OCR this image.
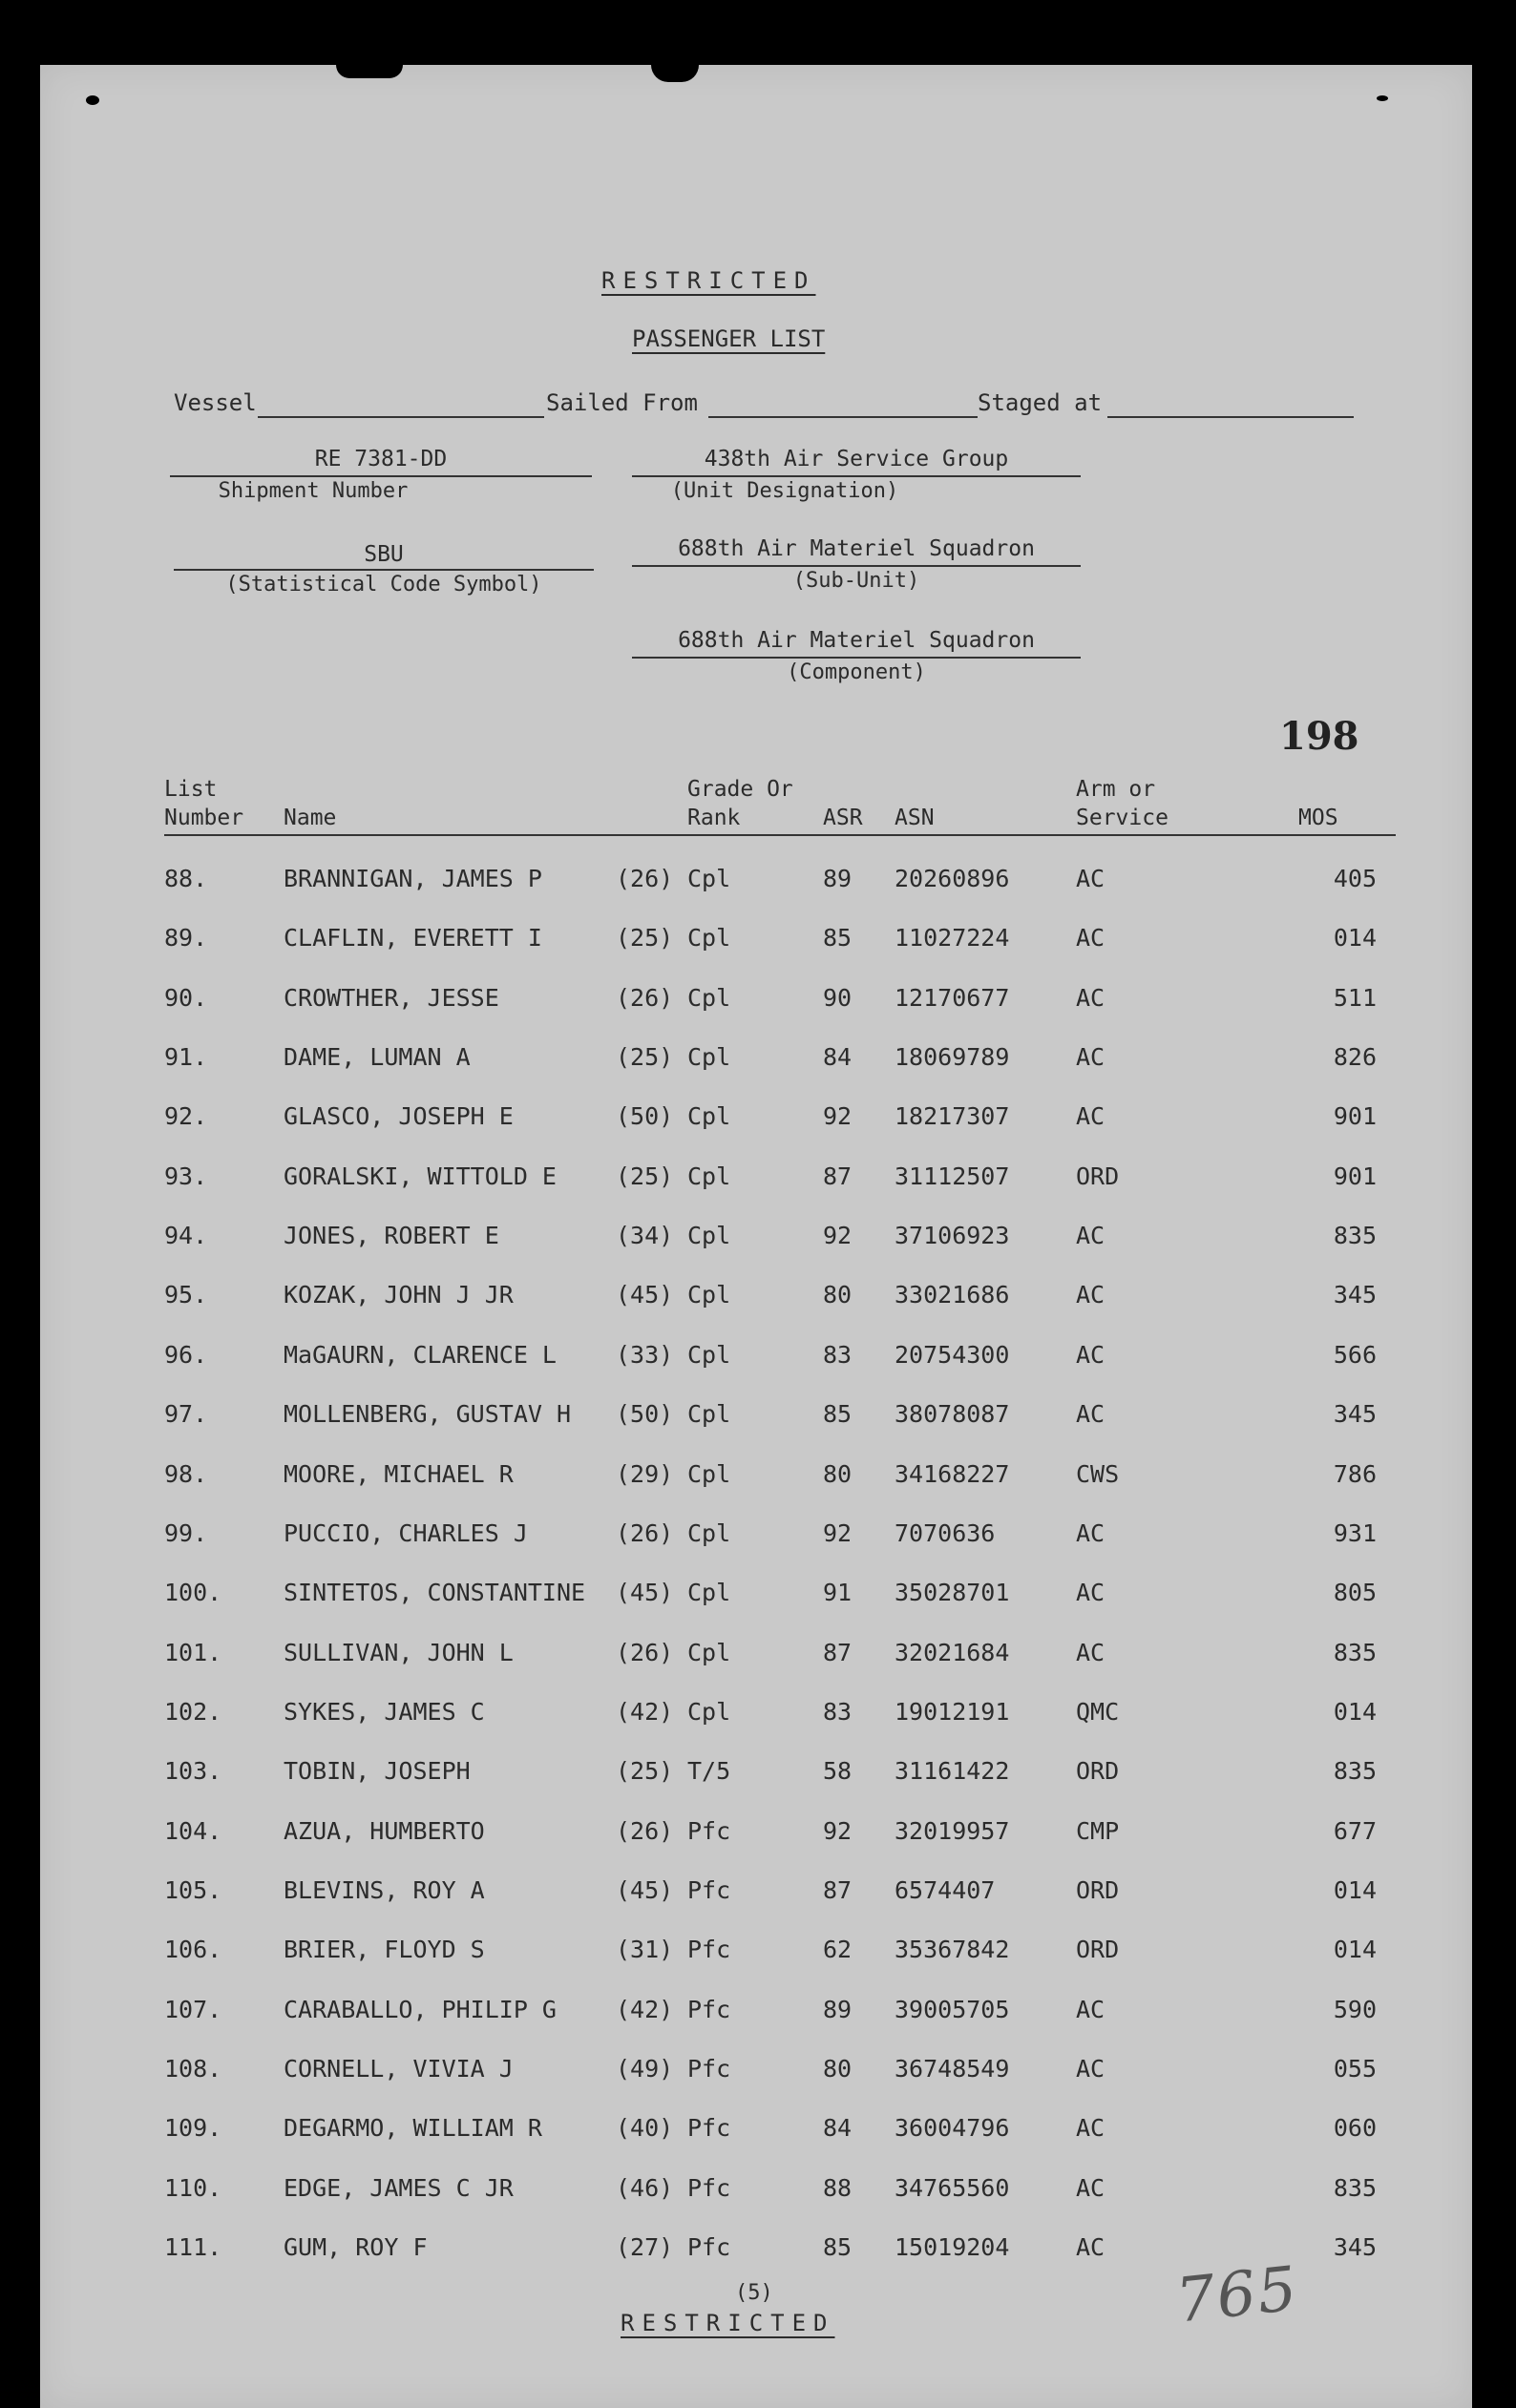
RESTRICTED
PASSENGER LIST
Vessel	Sailed From	Staged at
RE 7381-DD
Shipment Number
438th Air Service Group
(Unit Designation)
SBU
(Statistical Code Symbol)
688th Air Materiel Squadron
(Sub-Unit)
688th Air Materiel Squadron
(Component)
198
List
Number Name
Grade Or
Rank	ASR ASN
Arm or
Service	MOS
88.	BRANNIGAN, JAMES P	(26) Cpl	89 20260896	AC	405
89.	CLAFLIN, EVERETT I	(25) Cpl	85 11027224	AC	014
90.	CROWTHER, JESSE	(26) Cpl	90 12170677	AC	511
91.	DAME, LUMAN A	(25) Cpl	84 18069789	AC	826
92.	GLASCO, JOSEPH E	(50) Cpl	92 18217307	AC	901
93.	GORALSKI, WITTOLD E (25) Cpl	87 31112507	ORD	901
94.	JONES, ROBERT E	(34) Cpl	92 37106923	AC	835
95.	KOZAK, JOHN J JR	(45) Cpl	80 33021686	AC	345
96.	MaGAURN, CLARENCE L (33) Cpl	83 20754300	AC	566
97.	MOLLENBERG, GUSTAV H (50) Cpl	85 38078087	AC	345
98.	MOORE, MICHAEL R	(29) Cpl	80 34168227	CWS	786
99.	PUCCIO, CHARLES J	(26) Cpl	92 7070636	AC	931
100.	SINTETOS, CONSTANTINE (45) Cpl	91 35028701	AC	805
101.	SULLIVAN, JOHN L	(26) Cpl	87 32021684	AC	835
102.	SYKES, JAMES C	(42) Cpl	83 19012191	QMC	014
103.	TOBIN, JOSEPH	(25) T/5	58 31161422	ORD	835
104.	AZUA, HUMBERTO	(26) Pfc	92 32019957	CMP	677
105.	BLEVINS, ROY A	(45) Pfc	87 6574407	ORD	014
106.	BRIER, FLOYD S	(31) Pfc	62 35367842	ORD	014
107.	CARABALLO, PHILIP G (42) Pfc	89 39005705	AC	590
108.	CORNELL, VIVIA J	(49) Pfc	80 36748549	AC	055
109.	DEGARMO, WILLIAM R	(40) Pfc	84 36004796	AC	060
110.	EDGE, JAMES C JR	(46) Pfc	88 34765560	AC	835
111.	GUM, ROY F	(27) Pfc	85 15019204	AC	345
(5)
RESTRICTED	765
